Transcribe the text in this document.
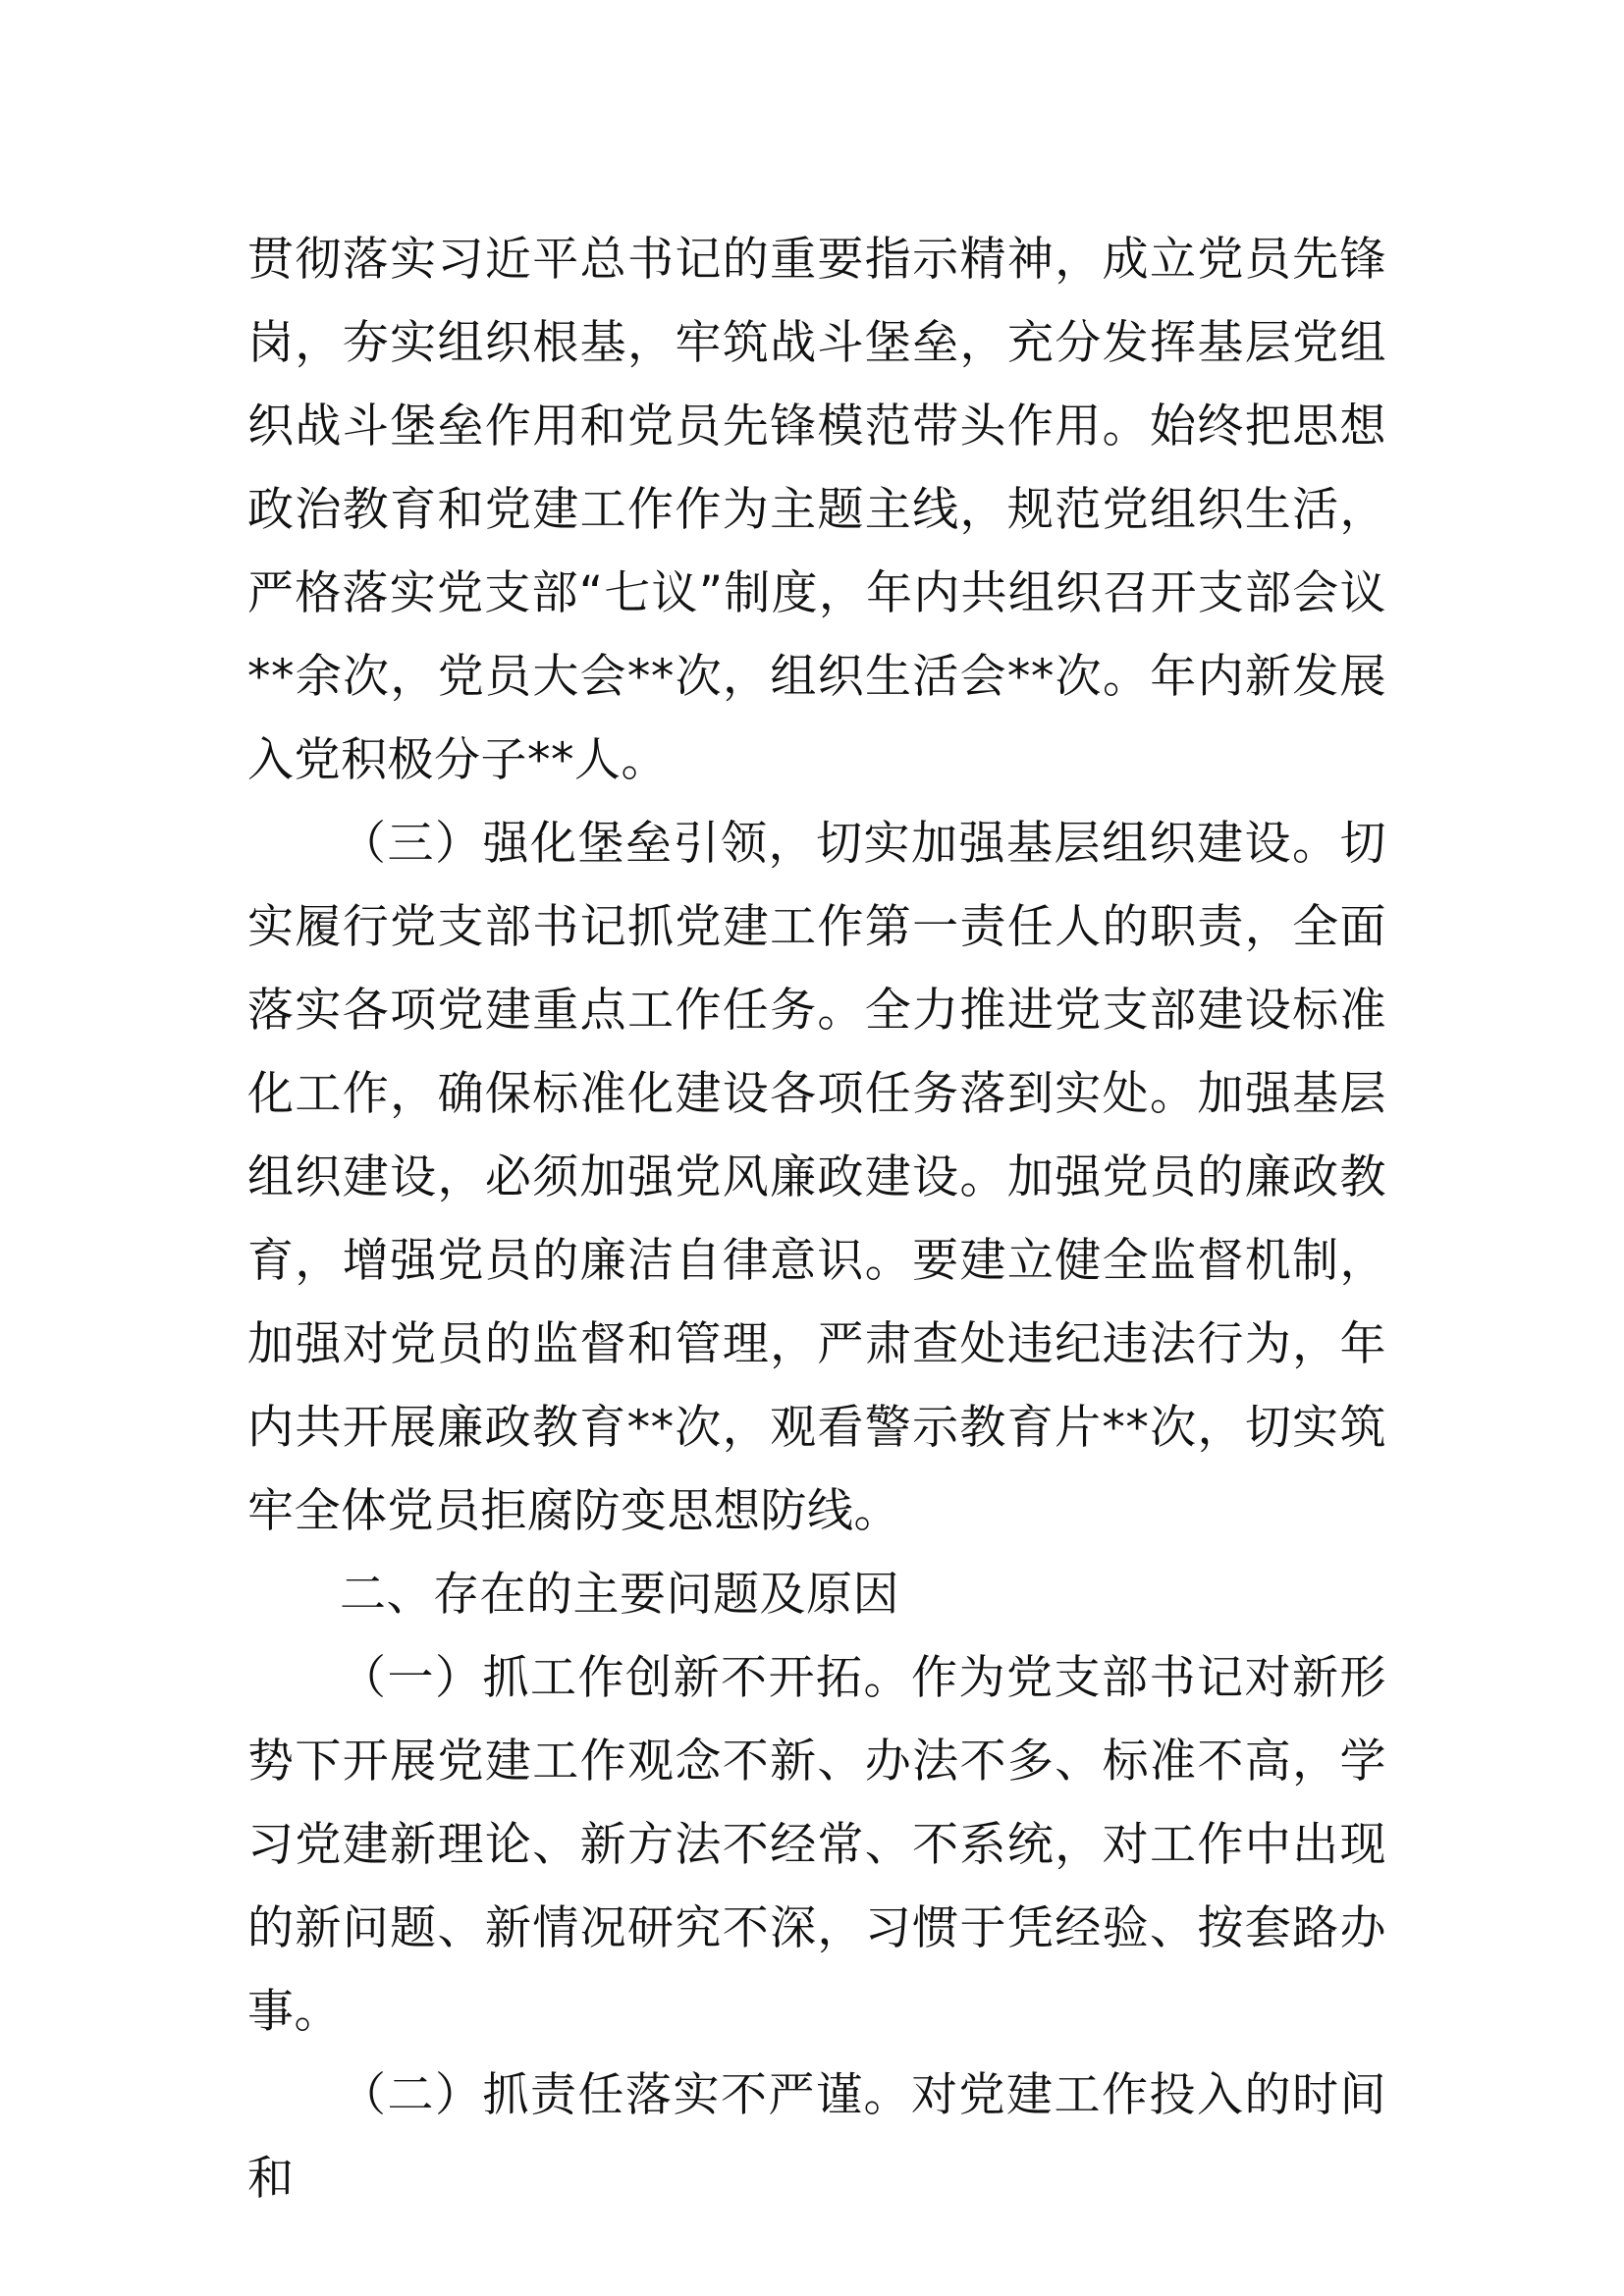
贯彻落实习近平总书记的重要指示精神，成立党员先锋岗，夯实组织根基，牢筑战斗堡垒，充分发挥基层党组织战斗堡垒作用和党员先锋模范带头作用。始终把思想政治教育和党建工作作为主题主线，规范党组织生活，严格落实党支部“七议”制度，年内共组织召开支部会议**余次，党员大会**次，组织生活会**次。年内新发展入党积极分子**人。

（三）强化堡垒引领，切实加强基层组织建设。切实履行党支部书记抓党建工作第一责任人的职责，全面落实各项党建重点工作任务。全力推进党支部建设标准化工作，确保标准化建设各项任务落到实处。加强基层组织建设，必须加强党风廉政建设。加强党员的廉政教育，增强党员的廉洁自律意识。要建立健全监督机制，加强对党员的监督和管理，严肃查处违纪违法行为，年内共开展廉政教育**次，观看警示教育片**次，切实筑牢全体党员拒腐防变思想防线。

二、存在的主要问题及原因

（一）抓工作创新不开拓。作为党支部书记对新形势下开展党建工作观念不新、办法不多、标准不高，学习党建新理论、新方法不经常、不系统，对工作中出现的新问题、新情况研究不深，习惯于凭经验、按套路办事。

（二）抓责任落实不严谨。对党建工作投入的时间和
